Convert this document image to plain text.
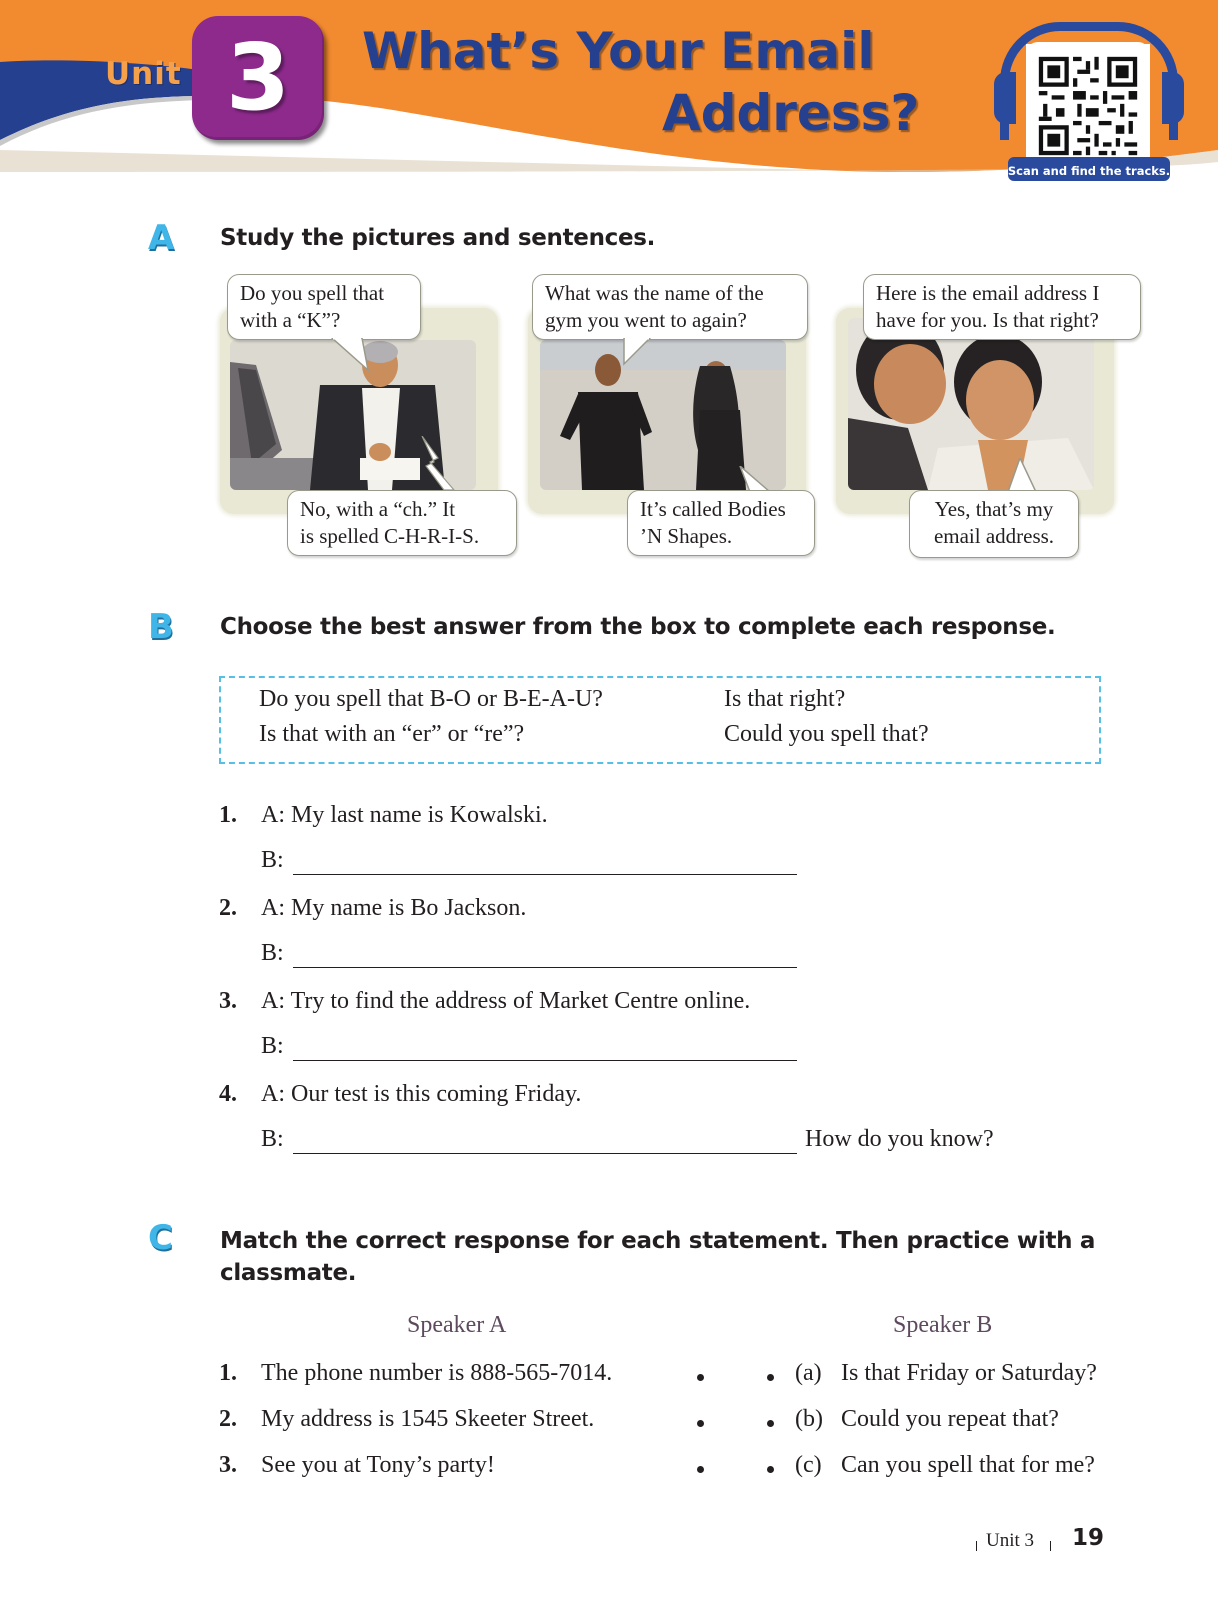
Unit 3 What’s Your Email
Address?
Scan and find the tracks.
A Study the pictures and sentences.
Do you spell that
with a “K”?
No, with a “ch.” It
is spelled C-H-R-I-S.
What was the name of the
gym you went to again?
It’s called Bodies
’N Shapes.
Here is the email address I
have for you. Is that right?
Yes, that’s my
email address.
B Choose the best answer from the box to complete each response.
Do you spell that B-O or B-E-A-U?	Is that right?
Is that with an “er” or “re”?	Could you spell that?
1. A: My last name is Kowalski.
B:
2. A: My name is Bo Jackson.
B:
3. A: Try to find the address of Market Centre online.
B:
4. A: Our test is this coming Friday.
B:	How do you know?
C Match the correct response for each statement. Then practice with a
classmate.
Speaker A	Speaker B
1. The phone number is 888-565-7014.	(a) Is that Friday or Saturday?
2. My address is 1545 Skeeter Street.	(b) Could you repeat that?
3. See you at Tony’s party!	(c) Can you spell that for me?
Unit 3 19
